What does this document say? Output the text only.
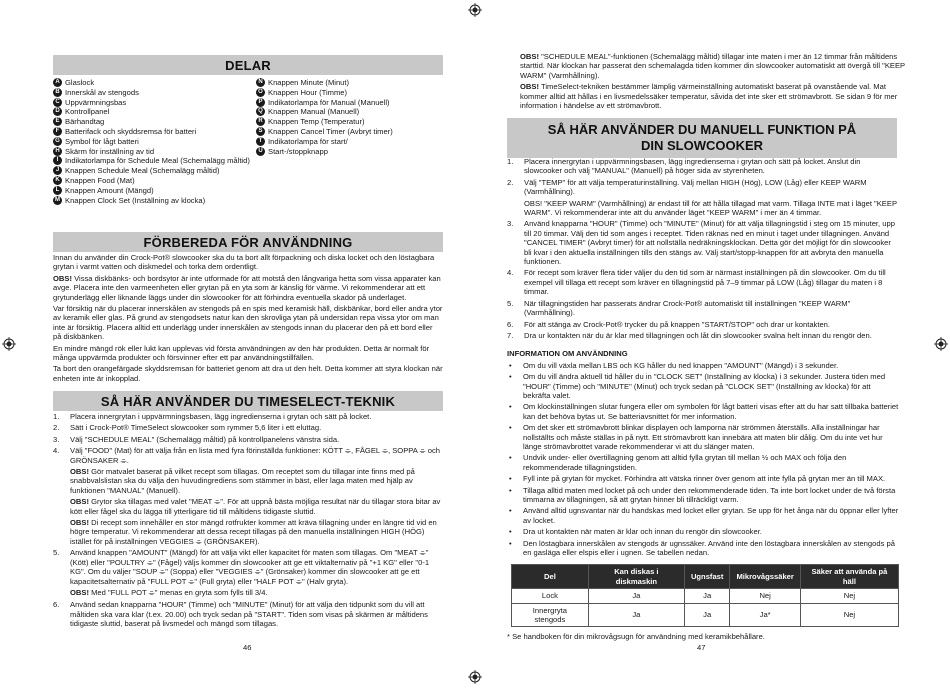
DELAR
A Glaslock
B Innerskål av stengods
C Uppvärmningsbas
D Kontrollpanel
E Bärhandtag
F Batterifack och skyddsremsa för batteri
G Symbol för lågt batteri
H Skärm för inställning av tid
I Indikatorlampa för Schedule Meal (Schemalägg måltid)
J Knappen Schedule Meal (Schemalägg måltid)
K Knappen Food (Mat)
L Knappen Amount (Mängd)
M Knappen Clock Set (Inställning av klocka)
N Knappen Minute (Minut)
O Knappen Hour (Timme)
P Indikatorlampa för Manual (Manuell)
Q Knappen Manual (Manuell)
R Knappen Temp (Temperatur)
S Knappen Cancel Timer (Avbryt timer)
T Indikatorlampa för start/
U Start-/stoppknapp
FÖRBEREDA FÖR ANVÄNDNING

Innan du använder din Crock-Pot® slowcooker ska du ta bort allt förpackning och diska locket och den löstagbara grytan i varmt vatten och diskmedel och torka dem ordentligt.

OBS! Vissa diskbänks- och bordsytor är inte utformade för att motstå den långvariga hetta som vissa apparater kan avge. Placera inte den varmeenheten eller grytan på en yta som är känslig för värme. Vi rekommenderar att ett grytunderlägg eller liknande läggs under din slowcooker för att förhindra eventuella skador på underlaget.

Var försiktig när du placerar innerskålen av stengods på en spis med keramisk häll, diskbänkar, bord eller andra ytor av keramik eller glas. På grund av stengodsets natur kan den skrovliga ytan på undersidan repa vissa ytor om man inte är försiktig. Placera alltid ett underlägg under innerskålen av stengods innan du placerar den på ett bord eller på diskbänken.

En mindre mängd rök eller lukt kan upplevas vid första användningen av den här produkten. Detta är normalt för många uppvärmda produkter och försvinner efter ett par användningstillfällen.

Ta bort den orangefärgade skyddsremsan för batteriet genom att dra ut den helt. Detta kommer att styra klockan när enheten inte är inkopplad.

SÅ HÄR ANVÄNDER DU TIMESELECT-TEKNIK
1.	Placera innergrytan i uppvärmningsbasen, lägg ingredienserna i grytan och sätt på locket.
2.	Sätt i Crock-Pot® TimeSelect slowcooker som rymmer 5,6 liter i ett eluttag.
3.	Välj "SCHEDULE MEAL" (Schemalägg måltid) på kontrollpanelens vänstra sida.
4.	Välj "FOOD" (Mat) för att välja från en lista med fyra förinställda funktioner: KÖTT ⌯, FÅGEL ⌯, SOPPA ⌯ och GRÖNSAKER ⌯.

OBS! Gör matvalet baserat på vilket recept som tillagas. Om receptet som du tillagar inte finns med på snabbvalslistan ska du välja den huvudingrediens som stämmer in bäst, eller laga maten med hjälp av funktionen "MANUAL" (Manuell).

OBS! Grytor ska tillagas med valet "MEAT ⌯". För att uppnå bästa möjliga resultat när du tillagar stora bitar av kött eller fågel ska du lägga till ytterligare tid till måltidens tidigaste sluttid.

OBS! Di recept som innehåller en stor mängd rotfrukter kommer att kräva tillagning under en längre tid vid en högre temperatur. Vi rekommenderar att dessa recept tillagas på den manuella inställningen HIGH (HÖG) istället för på inställningen VEGGIES ⌯ (GRÖNSAKER).

5.	Använd knappen "AMOUNT" (Mängd) för att välja vikt eller kapacitet för maten som tillagas. Om "MEAT ⌯" (Kött) eller "POULTRY ⌯" (Fågel) väljs kommer din slowcooker att ge ett viktalternativ på "+1 KG" eller "0-1 KG". Om du väljer "SOUP ⌯" (Soppa) eller "VEGGIES ⌯" (Grönsaker) kommer din slowcooker att ge ett kapacitetsalternativ på "FULL POT ⌯" (Full gryta) eller "HALF POT ⌯" (Halv gryta).

OBS! Med "FULL POT ⌯" menas en gryta som fylls till 3/4.

6.	Använd sedan knapparna "HOUR" (Timme) och "MINUTE" (Minut) för att välja den tidpunkt som du vill att måltiden ska vara klar (t.ex. 20.00) och tryck sedan på "START". Tiden som visas på skärmen är måltidens tidigaste sluttid, baserat på livsmedel och mängd som tillagas.
46

OBS! "SCHEDULE MEAL"-funktionen (Schemalägg måltid) tillagar inte maten i mer än 12 timmar från måltidens starttid. När klockan har passerat den schemalagda tiden kommer din slowcooker automatiskt att övergå till "KEEP WARM" (Varmhållning).

OBS! TimeSelect-tekniken bestämmer lämplig värmeinställning automatiskt baserat på ovanstående val. Mat kommer alltid att hållas i en livsmedelssäker temperatur, såvida det inte sker ett strömavbrott. Se sidan 9 för mer information i händelse av ett strömavbrott.

SÅ HÄR ANVÄNDER DU MANUELL FUNKTION PÅ
DIN SLOWCOOKER
1.	Placera innergrytan i uppvärmningsbasen, lägg ingredienserna i grytan och sätt på locket. Anslut din slowcooker och välj "MANUAL" (Manuell) på höger sida av styrenheten.
2.	Välj "TEMP" för att välja temperaturinställning. Välj mellan HIGH (Hög), LOW (Låg) eller KEEP WARM (Varmhållning).

OBS! "KEEP WARM" (Varmhållning) är endast till för att hålla tillagad mat varm. Tillaga INTE mat i läget "KEEP WARM". Vi rekommenderar inte att du använder läget "KEEP WARM" i mer än 4 timmar.

3.	Använd knapparna "HOUR" (Timme) och "MINUTE" (Minut) för att välja tillagningstid i steg om 15 minuter, upp till 20 timmar. Välj den tid som anges i receptet. Tiden räknas ned en minut i taget under tillagningen. Använd "CANCEL TIMER" (Avbryt timer) för att nollställa nedräkningsklockan. Detta gör det möjligt för din slowcooker bli kvar i den aktuella inställningen tills den stängs av. Välj start/stopp-knappen för att avbryta den manuella funktionen.
4.	För recept som kräver flera tider väljer du den tid som är närmast inställningen på din slowcooker. Om du till exempel vill tillaga ett recept som kräver en tillagningstid på 7–9 timmar på LOW (Låg) tillagar du maten i 8 timmar.
5.	När tillagningstiden har passerats ändrar Crock-Pot® automatiskt till inställningen "KEEP WARM" (Varmhållning).
6.	För att stänga av Crock-Pot® trycker du på knappen "START/STOP" och drar ur kontakten.
7.	Dra ur kontakten när du är klar med tillagningen och låt din slowcooker svalna helt innan du rengör den.
INFORMATION OM ANVÄNDNING
•	Om du vill växla mellan LBS och KG håller du ned knappen "AMOUNT" (Mängd) i 3 sekunder.
•	Om du vill ändra aktuell tid håller du in "CLOCK SET" (Inställning av klocka) i 3 sekunder. Justera tiden med "HOUR" (Timme) och "MINUTE" (Minut) och tryck sedan på "CLOCK SET" (Inställning av klocka) för att bekräfta valet.
•	Om klockinställningen slutar fungera eller om symbolen för lågt batteri visas efter att du har satt tillbaka batteriet kan det behöva bytas ut. Se batteriavsnittet för mer information.
•	Om det sker ett strömavbrott blinkar displayen och lamporna när strömmen återställs. Alla inställningar har nollställts och måste ställas in på nytt. Ett strömavbrott kan innebära att maten blir dålig. Om du inte vet hur länge strömavbrottet varade rekommenderar vi att du slänger maten.
•	Undvik under- eller övertillagning genom att alltid fylla grytan till mellan ½ och MAX och följa den rekommenderade tillagningstiden.
•	Fyll inte på grytan för mycket. Förhindra att vätska rinner över genom att inte fylla på grytan mer än till MAX.
•	Tillaga alltid maten med locket på och under den rekommenderade tiden. Ta inte bort locket under de två första timmarna av tillagningen, så att grytan hinner bli tillräckligt varm.
•	Använd alltid ugnsvantar när du handskas med locket eller grytan. Se upp för het ånga när du öppnar eller lyfter av locket.
•	Dra ut kontakten när maten är klar och innan du rengör din slowcooker.
•	Den löstagbara innerskålen av stengods är ugnssäker. Använd inte den löstagbara innerskålen av stengods på en gasläga eller elspis eller i ugnen. Se tabellen nedan.
Del	Kan diskas i diskmaskin	Ugnsfast	Mikrovågssäker	Säker att använda på häll
Lock	Ja	Ja	Nej	Nej
Innergryta stengods	Ja	Ja	Ja*	Nej

* Se handboken för din mikrovågsugn för användning med keramikbehållare.

47
